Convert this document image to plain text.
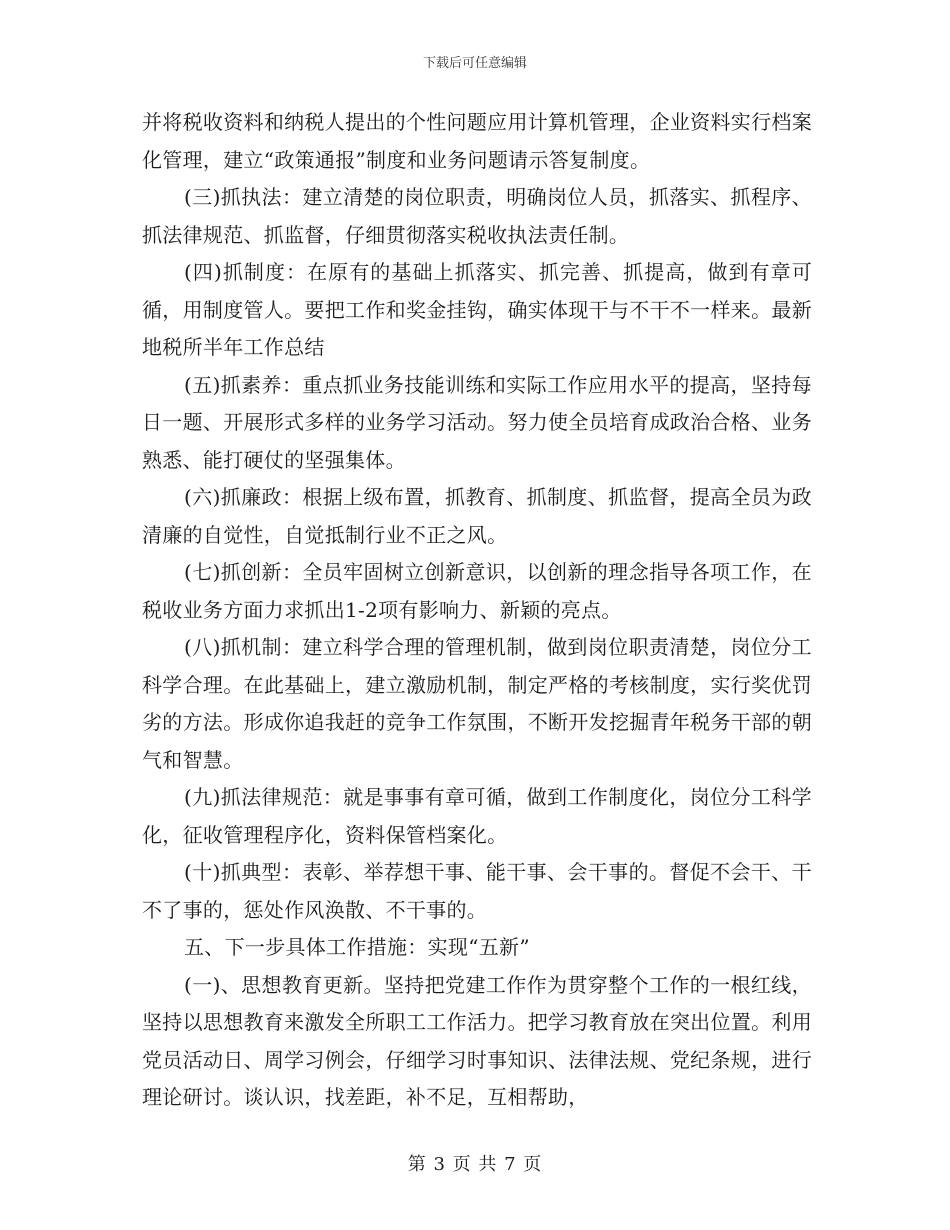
下载后可任意编辑

并将税收资料和纳税人提出的个性问题应用计算机管理，企业资料实行档案化管理，建立“政策通报”制度和业务问题请示答复制度。

(三)抓执法：建立清楚的岗位职责，明确岗位人员，抓落实、抓程序、抓法律规范、抓监督，仔细贯彻落实税收执法责任制。

(四)抓制度：在原有的基础上抓落实、抓完善、抓提高，做到有章可循，用制度管人。要把工作和奖金挂钩，确实体现干与不干不一样来。最新地税所半年工作总结

(五)抓素养：重点抓业务技能训练和实际工作应用水平的提高，坚持每日一题、开展形式多样的业务学习活动。努力使全员培育成政治合格、业务熟悉、能打硬仗的坚强集体。

(六)抓廉政：根据上级布置，抓教育、抓制度、抓监督，提高全员为政清廉的自觉性，自觉抵制行业不正之风。

(七)抓创新：全员牢固树立创新意识，以创新的理念指导各项工作，在税收业务方面力求抓出1-2项有影响力、新颖的亮点。

(八)抓机制：建立科学合理的管理机制，做到岗位职责清楚，岗位分工科学合理。在此基础上，建立激励机制，制定严格的考核制度，实行奖优罚劣的方法。形成你追我赶的竞争工作氛围，不断开发挖掘青年税务干部的朝气和智慧。

(九)抓法律规范：就是事事有章可循，做到工作制度化，岗位分工科学化，征收管理程序化，资料保管档案化。

(十)抓典型：表彰、举荐想干事、能干事、会干事的。督促不会干、干不了事的，惩处作风涣散、不干事的。

五、下一步具体工作措施：实现“五新”

(一)、思想教育更新。坚持把党建工作作为贯穿整个工作的一根红线，坚持以思想教育来激发全所职工工作活力。把学习教育放在突出位置。利用党员活动日、周学习例会，仔细学习时事知识、法律法规、党纪条规，进行理论研讨。谈认识，找差距，补不足，互相帮助，

第 3 页 共 7 页
